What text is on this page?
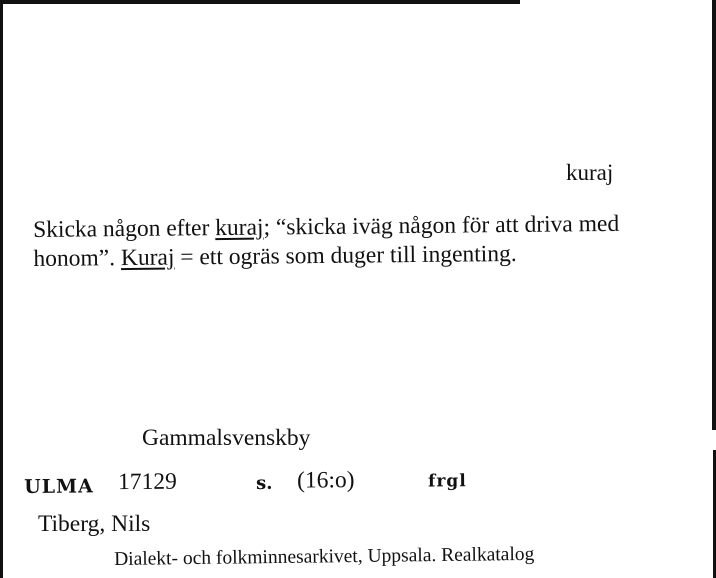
kuraj
Skicka någon efter kuraj; “skicka iväg någon för att driva med honom”. Kuraj = ett ogräs som duger till ingenting.
Gammalsvenskby
ULMA 17129	s. (16:o)	frgl
Tiberg, Nils
Dialekt- och folkminnesarkivet, Uppsala. Realkatalog
